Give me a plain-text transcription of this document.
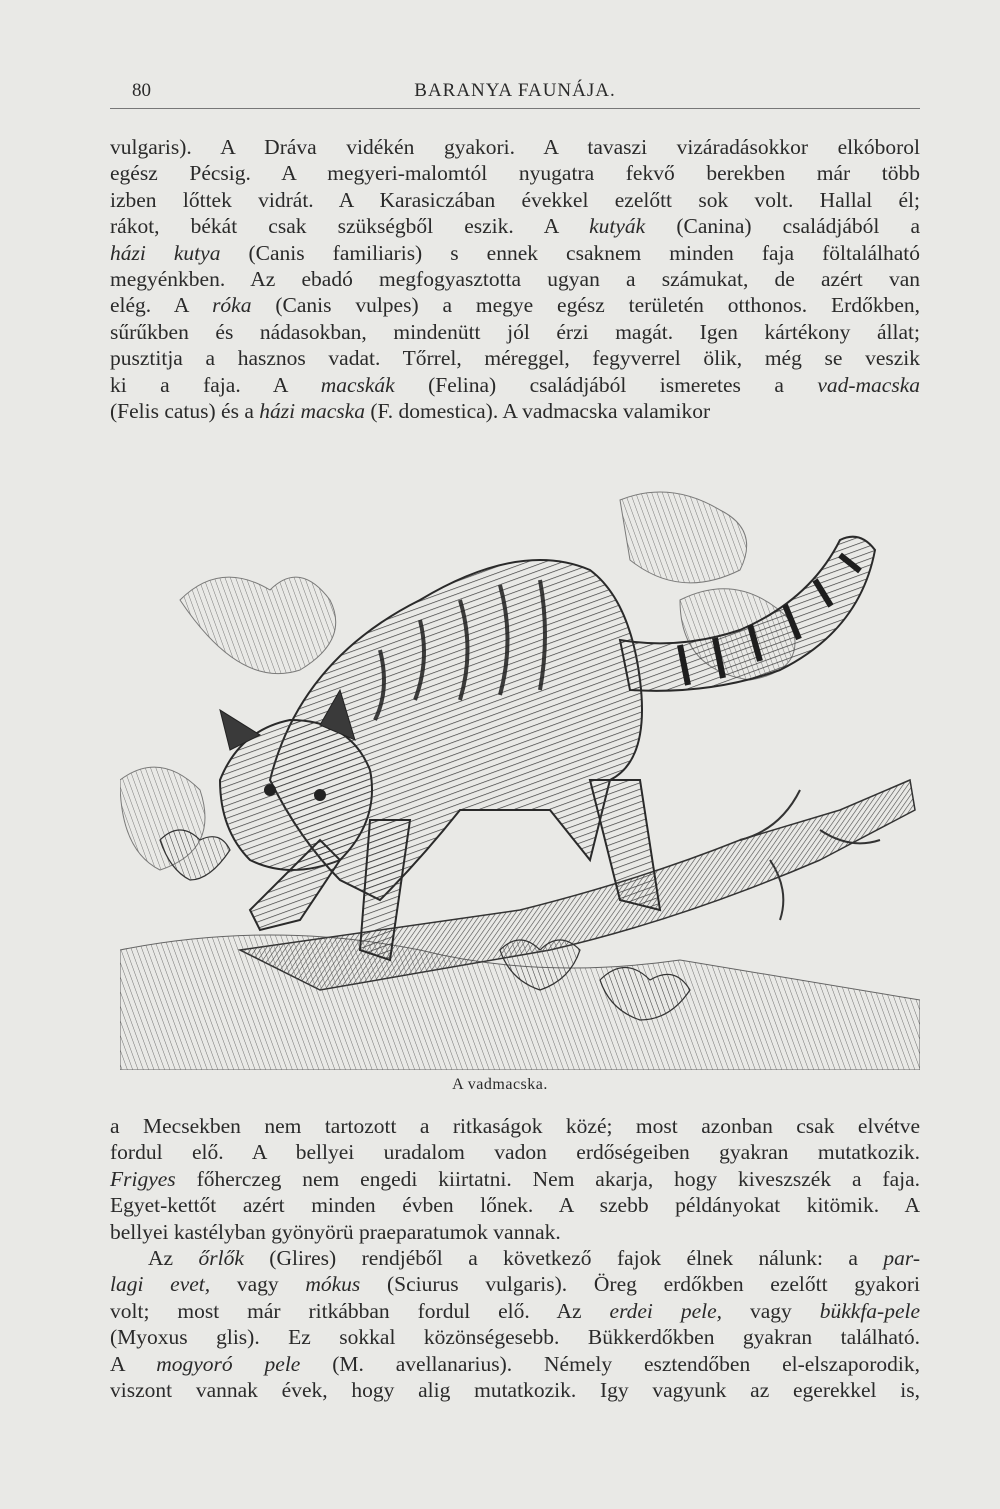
80	BARANYA FAUNÁJA.
vulgaris). A Dráva vidékén gyakori. A tavaszi vizáradásokkor elkóborol
egész Pécsig. A megyeri-malomtól nyugatra fekvő berekben már több
izben lőttek vidrát. A Karasiczában évekkel ezelőtt sok volt. Hallal él;
rákot, békát csak szükségből eszik. A kutyák (Canina) családjából a
házi kutya (Canis familiaris) s ennek csaknem minden faja föltalálható
megyénkben. Az ebadó megfogyasztotta ugyan a számukat, de azért van
elég. A róka (Canis vulpes) a megye egész területén otthonos. Erdőkben,
sűrűkben és nádasokban, mindenütt jól érzi magát. Igen kártékony állat;
pusztitja a hasznos vadat. Tőrrel, méreggel, fegyverrel ölik, még se veszik
ki a faja. A macskák (Felina) családjából ismeretes a vad-macska
(Felis catus) és a házi macska (F. domestica). A vadmacska valamikor
A vadmacska.
a Mecsekben nem tartozott a ritkaságok közé; most azonban csak elvétve
fordul elő. A bellyei uradalom vadon erdőségeiben gyakran mutatkozik.
Frigyes főherczeg nem engedi kiirtatni. Nem akarja, hogy kiveszszék a faja.
Egyet-kettőt azért minden évben lőnek. A szebb példányokat kitömik. A
bellyei kastélyban gyönyörü praeparatumok vannak.
Az őrlők (Glires) rendjéből a következő fajok élnek nálunk: a par-
lagi evet, vagy mókus (Sciurus vulgaris). Öreg erdőkben ezelőtt gyakori
volt; most már ritkábban fordul elő. Az erdei pele, vagy bükkfa-pele
(Myoxus glis). Ez sokkal közönségesebb. Bükkerdőkben gyakran található.
A mogyoró pele (M. avellanarius). Némely esztendőben el-elszaporodik,
viszont vannak évek, hogy alig mutatkozik. Igy vagyunk az egerekkel is,
